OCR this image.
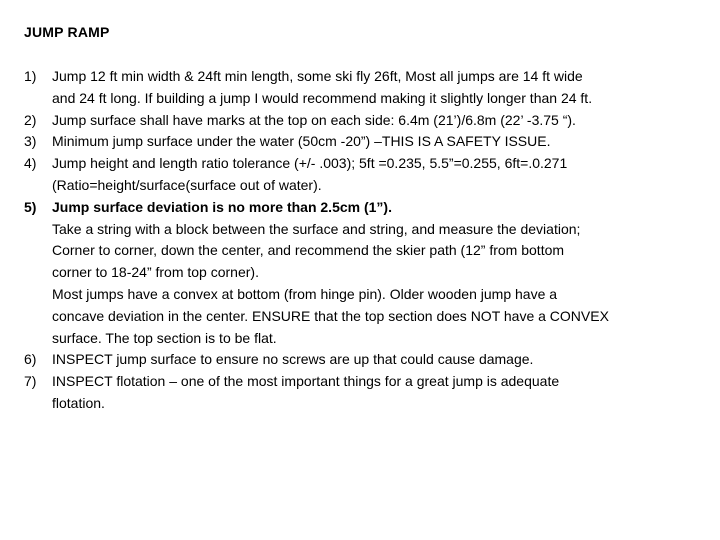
JUMP RAMP
1)	Jump 12 ft min width & 24ft min length, some ski fly 26ft, Most all jumps are 14 ft wide
and 24 ft long. If building a jump I would recommend making it slightly longer than 24 ft.
2)	Jump surface shall have marks at the top on each side: 6.4m (21’)/6.8m (22’ -3.75 “).
3)	Minimum jump surface under the water (50cm -20”) –THIS IS A SAFETY ISSUE.
4)	Jump height and length ratio tolerance (+/- .003); 5ft =0.235, 5.5”=0.255, 6ft=.0.271
(Ratio=height/surface(surface out of water).
5)	Jump surface deviation is no more than 2.5cm (1”).
Take a string with a block between the surface and string, and measure the deviation;
Corner to corner, down the center, and recommend the skier path (12” from bottom
corner to 18-24” from top corner).
Most jumps have a convex at bottom (from hinge pin). Older wooden jump have a
concave deviation in the center. ENSURE that the top section does NOT have a CONVEX
surface. The top section is to be flat.
6)	INSPECT jump surface to ensure no screws are up that could cause damage.
7)	INSPECT flotation – one of the most important things for a great jump is adequate
flotation.
